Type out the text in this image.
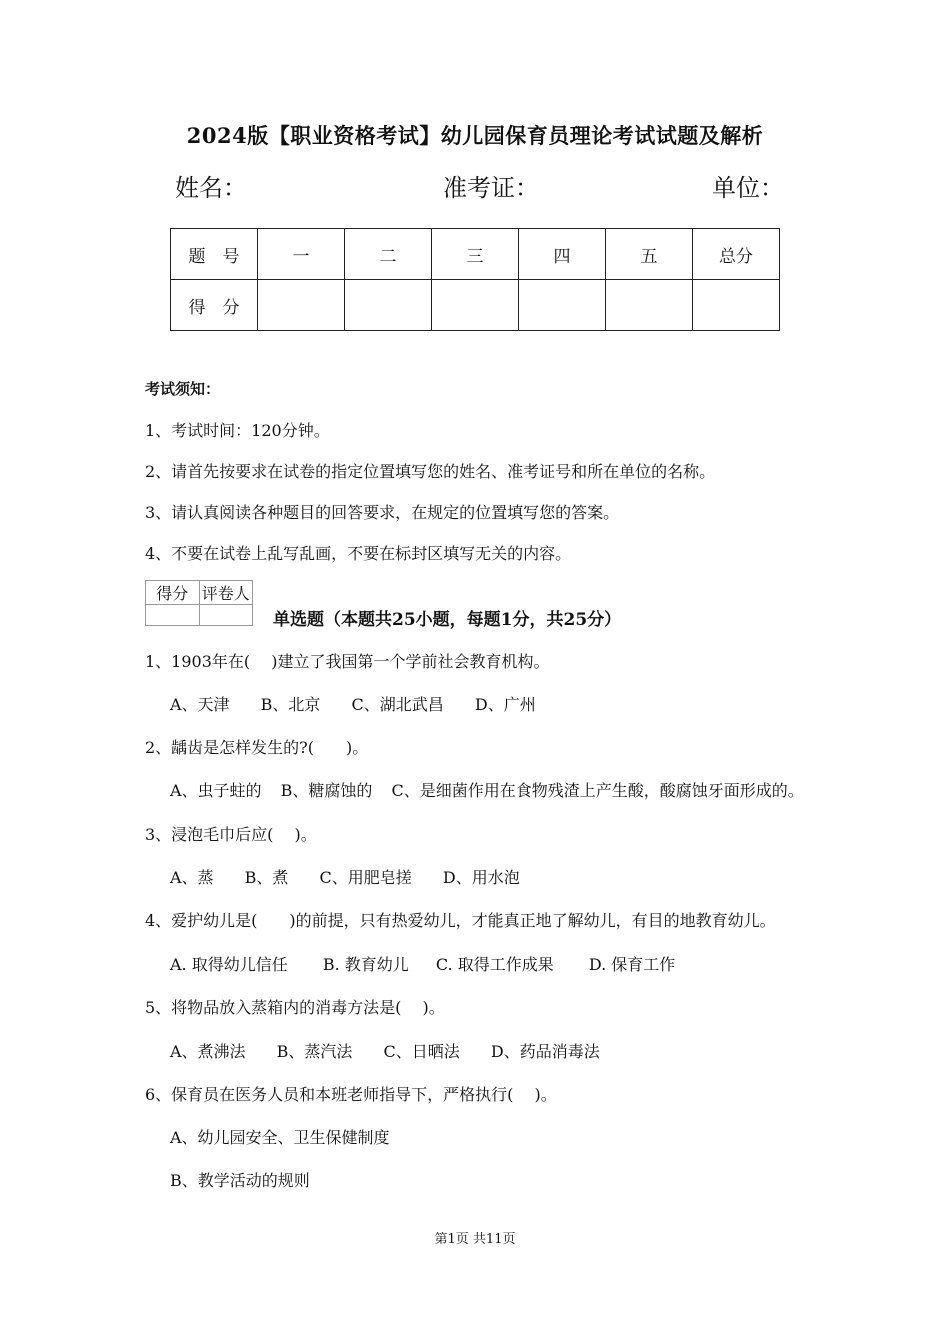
2024版【职业资格考试】幼儿园保育员理论考试试题及解析
姓名：	准考证：	单位：
题　号	一	二	三	四	五	总分
得　分						
考试须知：
1、考试时间：120分钟。
2、请首先按要求在试卷的指定位置填写您的姓名、准考证号和所在单位的名称。
3、请认真阅读各种题目的回答要求，在规定的位置填写您的答案。
4、不要在试卷上乱写乱画，不要在标封区填写无关的内容。
得分	评卷人

单选题（本题共25小题，每题1分，共25分）
1、1903年在(　 )建立了我国第一个学前社会教育机构。
A、天津 B、北京 C、湖北武昌 D、广州
2、龋齿是怎样发生的?(　　)。
A、虫子蛀的 B、糖腐蚀的 C、是细菌作用在食物残渣上产生酸，酸腐蚀牙面形成的。
3、浸泡毛巾后应(　 )。
A、蒸 B、煮 C、用肥皂搓 D、用水泡
4、爱护幼儿是(　　)的前提，只有热爱幼儿，才能真正地了解幼儿，有目的地教育幼儿。
A. 取得幼儿信任 B. 教育幼儿 C. 取得工作成果 D. 保育工作
5、将物品放入蒸箱内的消毒方法是(　 )。
A、煮沸法 B、蒸汽法 C、日晒法 D、药品消毒法
6、保育员在医务人员和本班老师指导下，严格执行(　 )。
A、幼儿园安全、卫生保健制度
B、教学活动的规则
第1页 共11页
